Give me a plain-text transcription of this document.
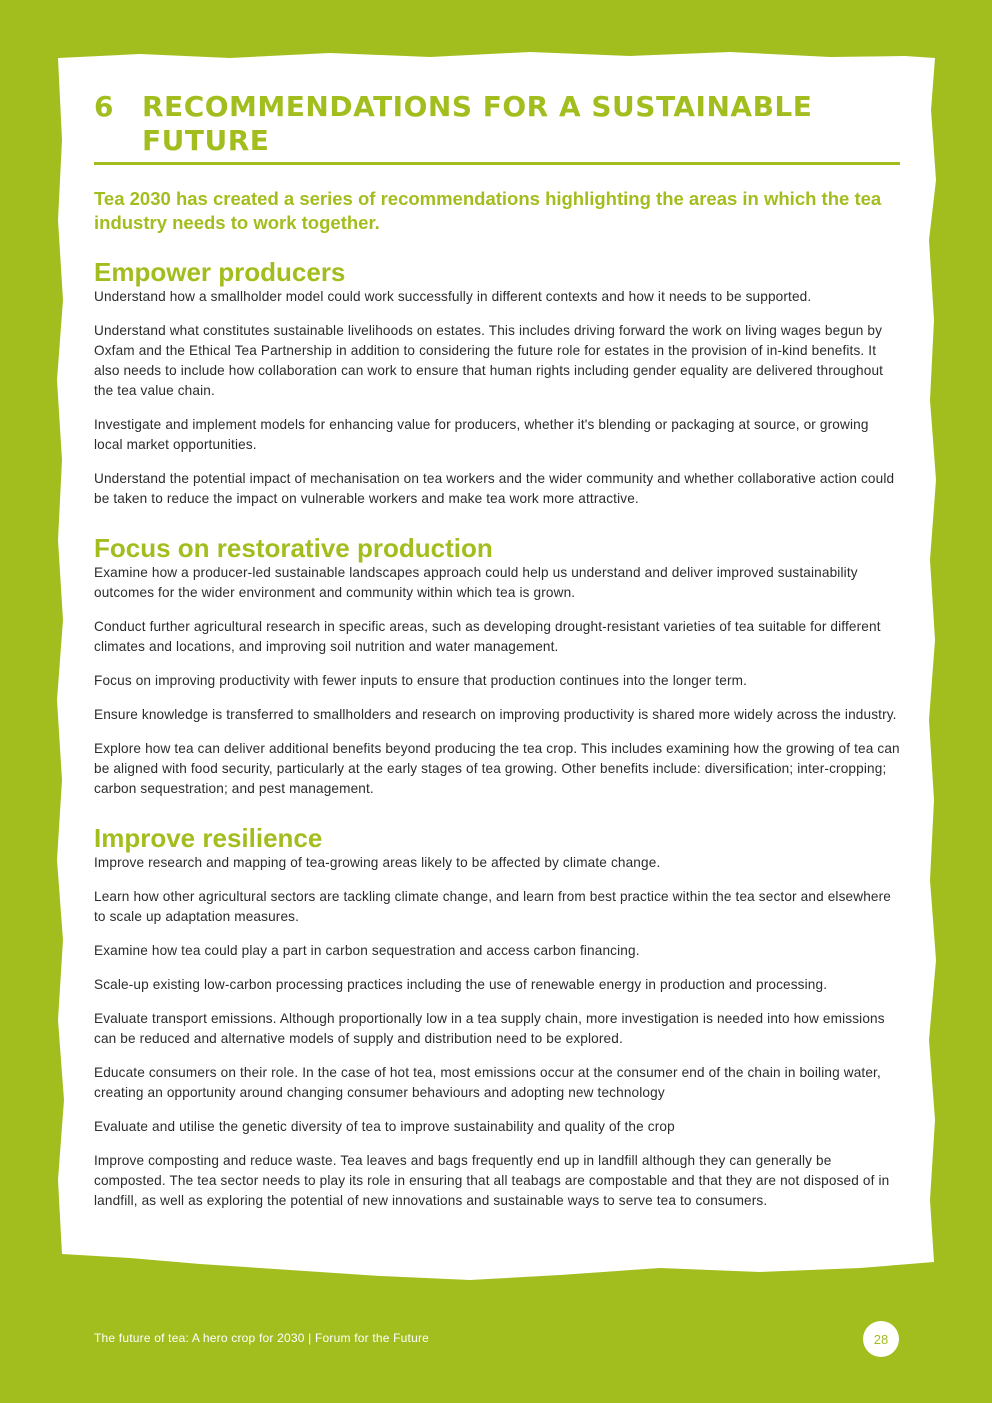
6	RECOMMENDATIONS FOR A SUSTAINABLE FUTURE

Tea 2030 has created a series of recommendations highlighting the areas in which the tea industry needs to work together.

Empower producers

Understand how a smallholder model could work successfully in different contexts and how it needs to be supported.

Understand what constitutes sustainable livelihoods on estates. This includes driving forward the work on living wages begun by Oxfam and the Ethical Tea Partnership in addition to considering the future role for estates in the provision of in-kind benefits. It also needs to include how collaboration can work to ensure that human rights including gender equality are delivered throughout the tea value chain.

Investigate and implement models for enhancing value for producers, whether it's blending or packaging at source, or growing local market opportunities.

Understand the potential impact of mechanisation on tea workers and the wider community and whether collaborative action could be taken to reduce the impact on vulnerable workers and make tea work more attractive.

Focus on restorative production

Examine how a producer-led sustainable landscapes approach could help us understand and deliver improved sustainability outcomes for the wider environment and community within which tea is grown.

Conduct further agricultural research in specific areas, such as developing drought-resistant varieties of tea suitable for different climates and locations, and improving soil nutrition and water management.

Focus on improving productivity with fewer inputs to ensure that production continues into the longer term.

Ensure knowledge is transferred to smallholders and research on improving productivity is shared more widely across the industry.

Explore how tea can deliver additional benefits beyond producing the tea crop. This includes examining how the growing of tea can be aligned with food security, particularly at the early stages of tea growing. Other benefits include: diversification; inter-cropping; carbon sequestration; and pest management.

Improve resilience

Improve research and mapping of tea-growing areas likely to be affected by climate change.

Learn how other agricultural sectors are tackling climate change, and learn from best practice within the tea sector and elsewhere to scale up adaptation measures.

Examine how tea could play a part in carbon sequestration and access carbon financing.

Scale-up existing low-carbon processing practices including the use of renewable energy in production and processing.

Evaluate transport emissions. Although proportionally low in a tea supply chain, more investigation is needed into how emissions can be reduced and alternative models of supply and distribution need to be explored.

Educate consumers on their role. In the case of hot tea, most emissions occur at the consumer end of the chain in boiling water, creating an opportunity around changing consumer behaviours and adopting new technology

Evaluate and utilise the genetic diversity of tea to improve sustainability and quality of the crop

Improve composting and reduce waste. Tea leaves and bags frequently end up in landfill although they can generally be composted. The tea sector needs to play its role in ensuring that all teabags are compostable and that they are not disposed of in landfill, as well as exploring the potential of new innovations and sustainable ways to serve tea to consumers.

The future of tea: A hero crop for 2030 | Forum for the Future	28
